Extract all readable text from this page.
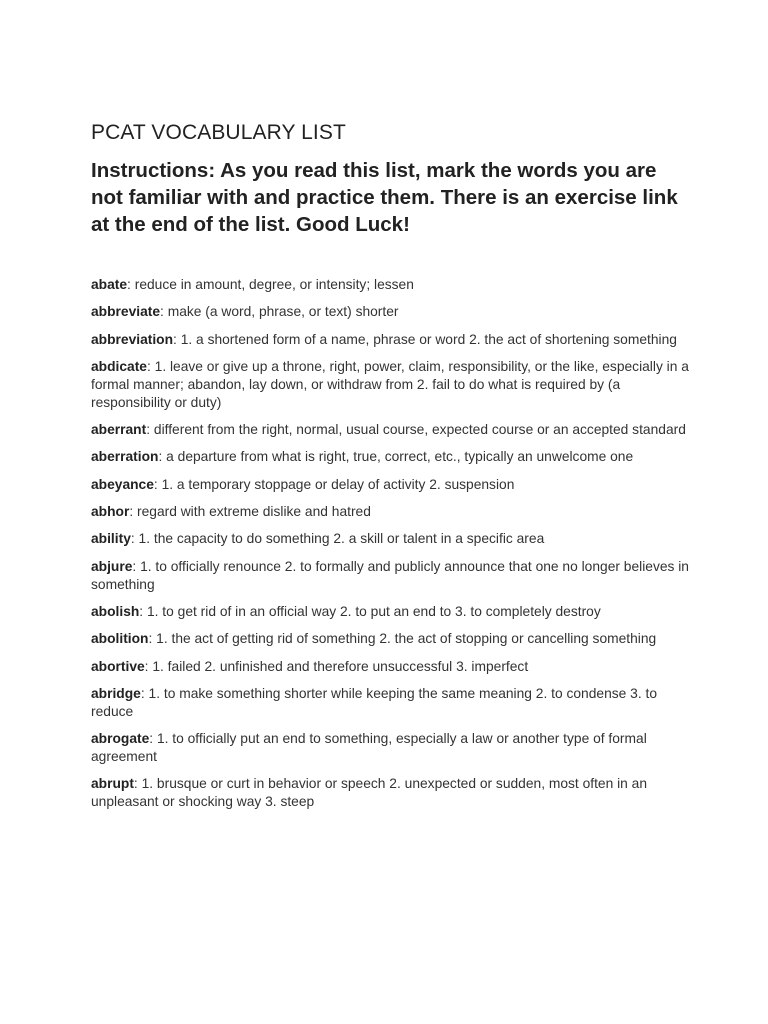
PCAT VOCABULARY LIST

Instructions: As you read this list, mark the words you are not familiar with and practice them. There is an exercise link at the end of the list. Good Luck!

abate: reduce in amount, degree, or intensity; lessen
abbreviate: make (a word, phrase, or text) shorter
abbreviation: 1. a shortened form of a name, phrase or word 2. the act of shortening something
abdicate: 1. leave or give up a throne, right, power, claim, responsibility, or the like, especially in a formal manner; abandon, lay down, or withdraw from 2. fail to do what is required by (a responsibility or duty)
aberrant: different from the right, normal, usual course, expected course or an accepted standard
aberration: a departure from what is right, true, correct, etc., typically an unwelcome one
abeyance: 1. a temporary stoppage or delay of activity 2. suspension
abhor: regard with extreme dislike and hatred
ability: 1. the capacity to do something 2. a skill or talent in a specific area
abjure: 1. to officially renounce 2. to formally and publicly announce that one no longer believes in something
abolish: 1. to get rid of in an official way 2. to put an end to 3. to completely destroy
abolition: 1. the act of getting rid of something 2. the act of stopping or cancelling something
abortive: 1. failed 2. unfinished and therefore unsuccessful 3. imperfect
abridge: 1. to make something shorter while keeping the same meaning 2. to condense 3. to reduce
abrogate: 1. to officially put an end to something, especially a law or another type of formal agreement
abrupt: 1. brusque or curt in behavior or speech 2. unexpected or sudden, most often in an unpleasant or shocking way 3. steep
